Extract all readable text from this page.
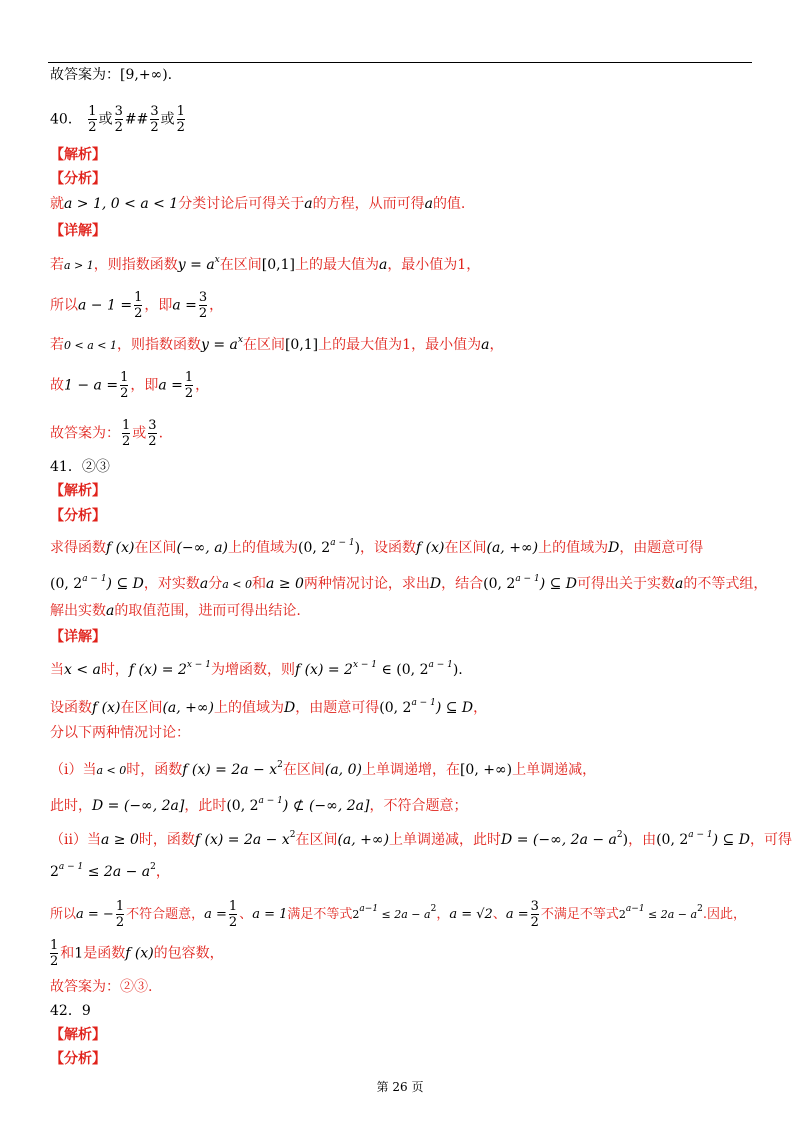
故答案为：[9,+∞).
40． $\frac{1}{2}$ 或 $\frac{3}{2}$ ## $\frac{3}{2}$ 或 $\frac{1}{2}$
【解析】
【分析】
就a > 1, 0 < a < 1分类讨论后可得关于a的方程，从而可得a的值.
【详解】
若a > 1，则指数函数$y = a^x$在区间[0,1]上的最大值为a，最小值为1，
所以$a - 1 = \frac{1}{2}$ ，即$a = \frac{3}{2}$ ，
若0 < a < 1，则指数函数$y = a^x$在区间[0,1]上的最大值为1，最小值为a，
故$1 - a = \frac{1}{2}$ ，即$a = \frac{1}{2}$ ，
故答案为： $\frac{1}{2}$ 或 $\frac{3}{2}$ .
41．②③
【解析】
【分析】
求得函数f (x)在区间(−∞, a)上的值域为(0, $2^{a - 1}$)，设函数f (x)在区间(a, +∞)上的值域为D，由题意可得
(0, $2^{a - 1}$) ⊆ D，对实数a分a < 0和a ≥ 0两种情况讨论，求出D，结合(0, $2^{a - 1}$) ⊆ D可得出关于实数a的不等式组，
解出实数a的取值范围，进而可得出结论.
【详解】
当x < a时，f $(x) = 2^{x - 1}$为增函数，则f $(x) = 2^{x - 1}$ ∈ (0, $2^{a - 1}$).
设函数f (x)在区间(a, +∞)上的值域为D，由题意可得(0, $2^{a - 1}$) ⊆ D，
分以下两种情况讨论：
（i）当a < 0时，函数f $(x) = 2a - x^2$在区间(a, 0)上单调递增，在[0, +∞)上单调递减，
此时，D = (−∞, 2a]，此时(0, $2^{a - 1}$) ⊄ (−∞, 2a]，不符合题意；
（ii）当a ≥ 0时，函数f $(x) = 2a - x^2$在区间(a, +∞)上单调递减，此时D = (−∞, $2a - a^2$)，由(0, $2^{a - 1}$) ⊆ D，可得
$2^{a - 1} \le 2a - a^2$，
所以a = − $\frac{1}{2}$ 不符合题意，$a = \frac{1}{2}$ 、a = 1满足不等式$2^{a-1} \le 2a - a^2$，a = √2、$a = \frac{3}{2}$ 不满足不等式$2^{a-1} \le 2a - a^2$.因此，
$\frac{1}{2}$ 和1是函数f (x)的包容数，
故答案为：②③.
42．9
【解析】
【分析】
第 26 页
